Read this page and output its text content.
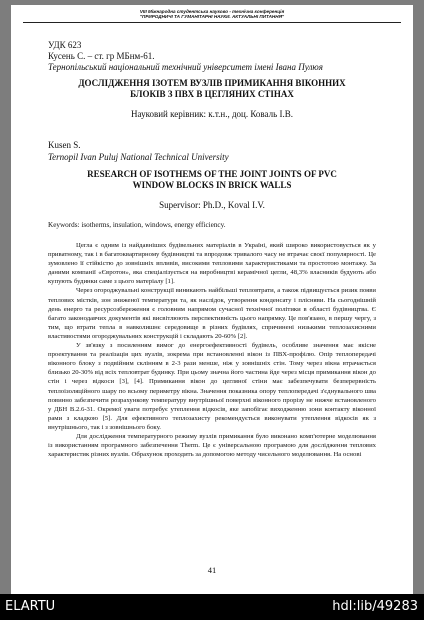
VIII Міжнародна студентська науково - технічна конференція
"ПРИРОДНИЧІ ТА ГУМАНІТАРНІ НАУКИ. АКТУАЛЬНІ ПИТАННЯ"
УДК 623
Кусень С. – ст. гр МБнм-61.
Тернопільський національний технічний університет імені Івана Пулюя
ДОСЛІДЖЕННЯ ІЗОТЕМ ВУЗЛІВ ПРИМИКАННЯ ВІКОННИХ
БЛОКІВ З ПВХ В ЦЕГЛЯНИХ СТІНАХ
Науковий керівник: к.т.н., доц. Коваль І.В.
Kusen S.
Ternopil Ivan Puluj National Technical University
RESEARCH OF ISOTHEMS OF THE JOINT JOINTS OF PVC
WINDOW BLOCKS IN BRICK WALLS
Supervisor: Ph.D., Koval I.V.
Keywords: isotherms, insulation, windows, energy efficiency.

Цегла є одним із найдавніших будівельних матеріалів в Україні, який широко використовується як у приватному, так і в багатоквартирному будівництві та впродовж тривалого часу не втрачає своєї популярності. Це зумовлено її стійкістю до зовнішніх впливів, високими тепловими характеристиками та простотою монтажу. За даними компанії «Євротон», яка спеціалізується на виробництві керамічної цегли, 48,3% власників будують або купують будинки саме з цього матеріалу [1].

Через огороджувальні конструкції виникають найбільші тепловтрати, а також підвищується ризик появи теплових містків, зон зниженої температури та, як наслідок, утворення конденсату і плісняви. На сьогоднішній день енерго та ресурсозбереження є головним напрямом сучасної технічної політики в області будівництва. Є багато законодавчих документів які висвітлюють перспективність цього напрямку. Це пов'язано, в першу чергу, з тим, що втрати тепла в навколишнє середовище в різних будівлях, спричинені низькими теплозахисними властивостями огороджувальних конструкцій і складають 20-60% [2].

У зв'язку з посиленням вимог до енергоефективності будівель, особливе значення має якісне проектування та реалізація цих вузлів, зокрема при встановленні вікон із ПВХ-профілю. Опір теплопередачі віконного блоку з подвійним склінням в 2-3 рази менше, ніж у зовнішніх стін. Тому через вікна втрачається близько 20-30% від всіх тепловтрат будинку. При цьому значна його частина йде через місця примикання вікон до стін і через відкоси [3], [4]. Примикання вікон до цегляної стіни має забезпечувати безперервність теплоізоляційного шару по всьому периметру вікна. Значення показника опору теплопередачі з'єднувального шва повинно забезпечити розрахункову температуру внутрішньої поверхні віконного прорізу не нижче встановленого у ДБН В.2.6-31. Окремої уваги потребує утеплення відкосів, яке запобігає виходженню зони контакту віконної рами з кладкою [5]. Для ефективного теплозахисту рекомендується виконувати утеплення відкосів як з внутрішнього, так і з зовнішнього боку.

Для дослідження температурного режиму вузлів примикання було виконано комп'ютерне моделювання із використанням програмного забезпечення Therm. Це є універсальною програмою для дослідження теплових характеристик різних вузлів. Обрахунок проходить за допомогою методу чисельного моделювання. На основі

41
ELARTU	hdl:lib/49283
